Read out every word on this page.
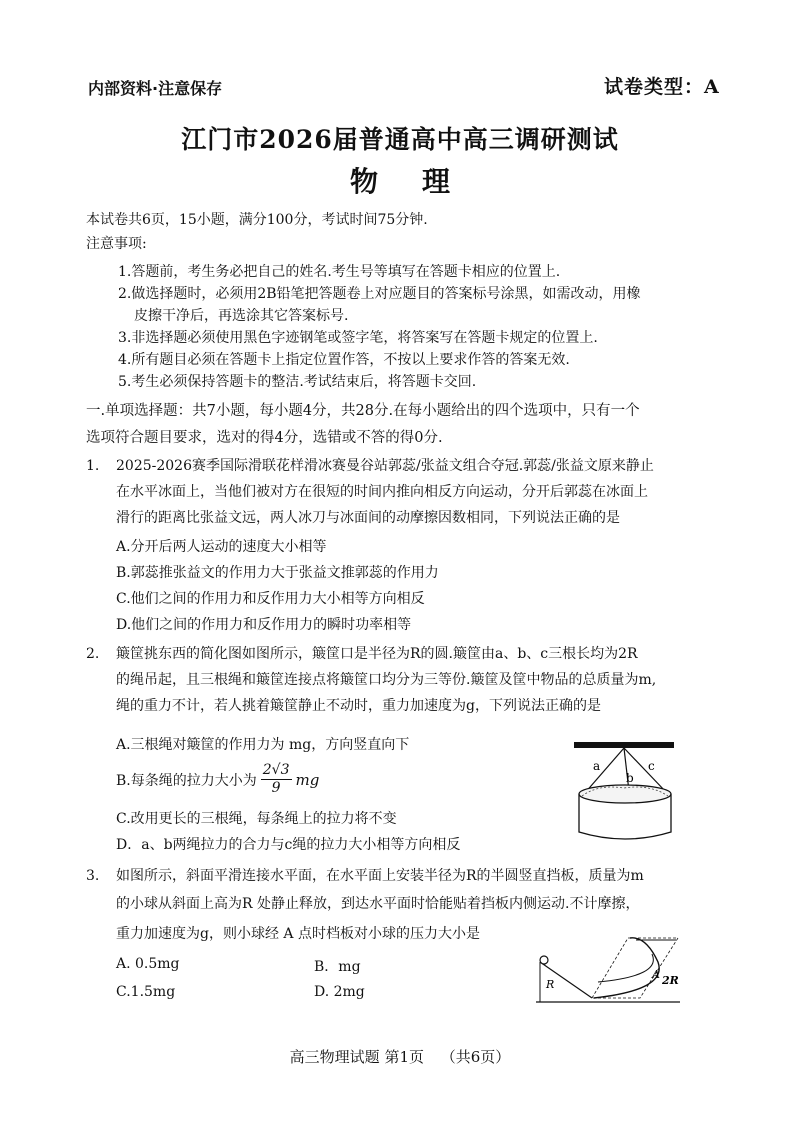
内部资料·注意保存	试卷类型：A
江门市2026届普通高中高三调研测试
物 理
本试卷共6页，15小题，满分100分，考试时间75分钟.
注意事项:
1.答题前，考生务必把自己的姓名.考生号等填写在答题卡相应的位置上.
2.做选择题时，必须用2B铅笔把答题卷上对应题目的答案标号涂黑，如需改动，用橡
皮擦干净后，再选涂其它答案标号.
3.非选择题必须使用黑色字迹钢笔或签字笔，将答案写在答题卡规定的位置上.
4.所有题目必须在答题卡上指定位置作答，不按以上要求作答的答案无效.
5.考生必须保持答题卡的整洁.考试结束后，将答题卡交回.
一.单项选择题：共7小题，每小题4分，共28分.在每小题给出的四个选项中，只有一个
选项符合题目要求，选对的得4分，选错或不答的得0分.
1. 2025-2026赛季国际滑联花样滑冰赛曼谷站郭蕊/张益文组合夺冠.郭蕊/张益文原来静止
在水平冰面上，当他们被对方在很短的时间内推向相反方向运动，分开后郭蕊在冰面上
滑行的距离比张益文远，两人冰刀与冰面间的动摩擦因数相同，下列说法正确的是
A.分开后两人运动的速度大小相等
B.郭蕊推张益文的作用力大于张益文推郭蕊的作用力
C.他们之间的作用力和反作用力大小相等方向相反
D.他们之间的作用力和反作用力的瞬时功率相等
2. 簸筐挑东西的简化图如图所示，簸筐口是半径为R的圆.簸筐由a、b、c三根长均为2R
的绳吊起，且三根绳和簸筐连接点将簸筐口均分为三等份.簸筐及筐中物品的总质量为m,
绳的重力不计，若人挑着簸筐静止不动时，重力加速度为g，下列说法正确的是
A.三根绳对簸筐的作用力为 mg，方向竖直向下
B.每条绳的拉力大小为 $\frac{2√3}{9}$ mg
C.改用更长的三根绳，每条绳上的拉力将不变
D．a、b两绳拉力的合力与c绳的拉力大小相等方向相反
a
b
c
3. 如图所示，斜面平滑连接水平面，在水平面上安装半径为R的半圆竖直挡板，质量为m
的小球从斜面上高为R 处静止释放，到达水平面时恰能贴着挡板内侧运动.不计摩擦，
重力加速度为g，则小球经 A 点时档板对小球的压力大小是
A. 0.5mg	B．mg
C.1.5mg	D. 2mg	R
A 2R
高三物理试题 第1页 （共6页）
